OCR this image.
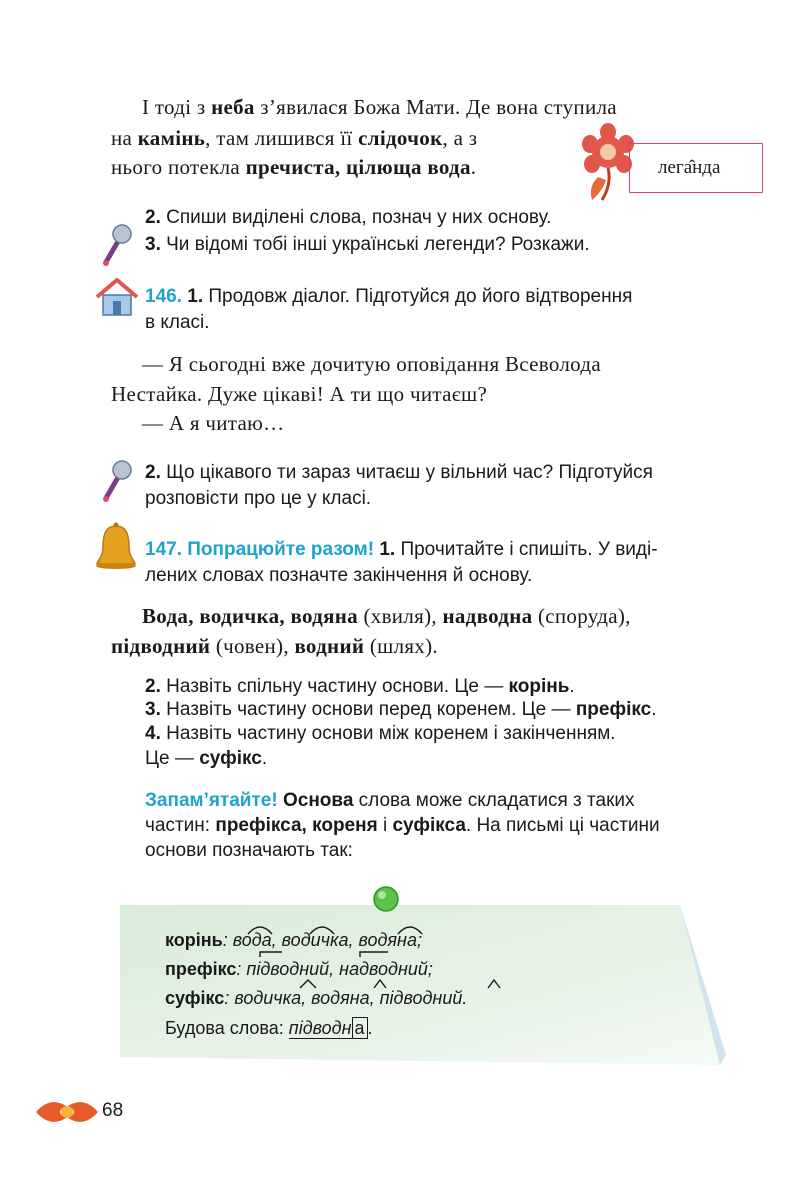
І тоді з неба з’явилася Божа Мати. Де вона ступила
на камінь, там лишився її слідочок, а з
нього потекла пречиста, цілюща вода.	лега̂нда
2. Спиши виділені слова, познач у них основу.
3. Чи відомі тобі інші українські легенди? Розкажи.
146. 1. Продовж діалог. Підготуйся до його відтворення
в класі.
— Я сьогодні вже дочитую оповідання Всеволода
Нестайка. Дуже цікаві! А ти що читаєш?
— А я читаю…
2. Що цікавого ти зараз читаєш у вільний час? Підготуйся
розповісти про це у класі.
147. Попрацюйте разом! 1. Прочитайте і спишіть. У виді-
лених словах позначте закінчення й основу.
Вода, водичка, водяна (хвиля), надводна (споруда),
підводний (човен), водний (шлях).
2. Назвіть спільну частину основи. Це — корінь.
3. Назвіть частину основи перед коренем. Це — префікс.
4. Назвіть частину основи між коренем і закінченням.
Це — суфікс.
Запам’ятайте! Основа слова може складатися з таких
частин: префікса, кореня і суфікса. На письмі ці частини
основи позначають так:
корінь: вода, водичка, водяна;
префікс: підводний, надводний;
суфікс: водичка, водяна, підводний.
Будова слова: підводн а .
68
